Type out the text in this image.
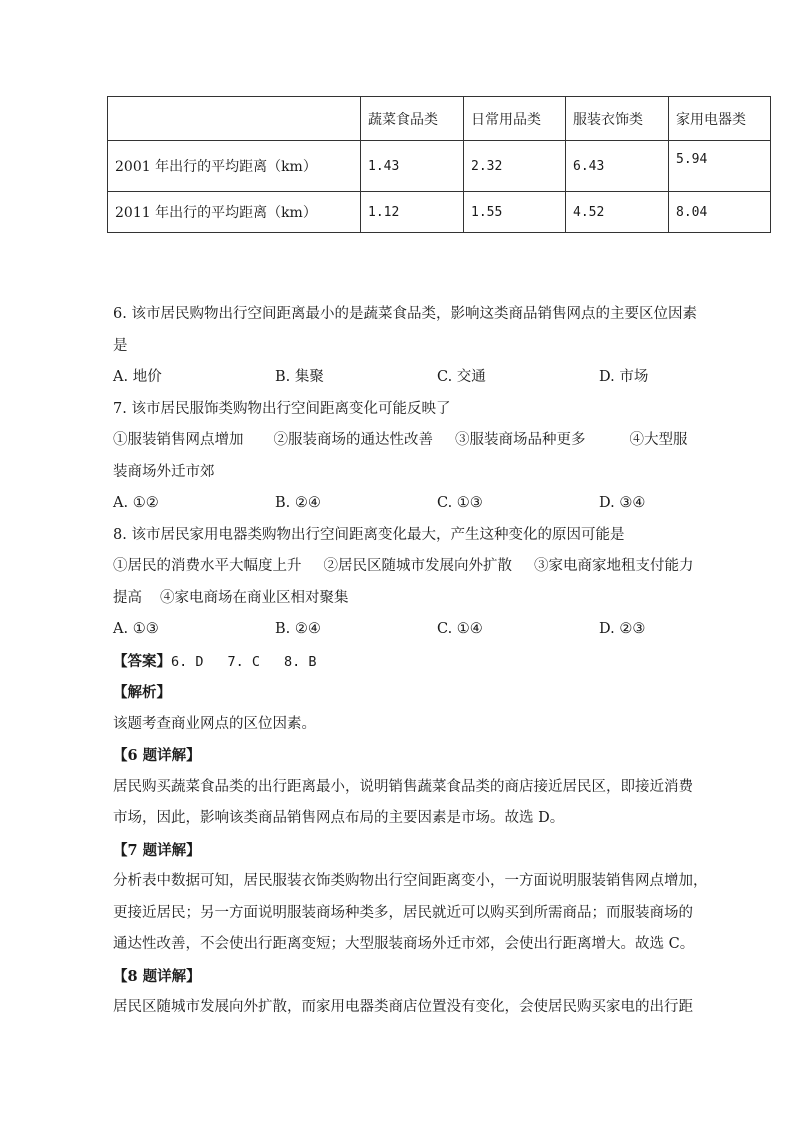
	蔬菜食品类	日常用品类	服装衣饰类	家用电器类
2001 年出行的平均距离（km）	1.43	2.32	6.43	5.94
2011 年出行的平均距离（km）	1.12	1.55	4.52	8.04
6. 该市居民购物出行空间距离最小的是蔬菜食品类，影响这类商品销售网点的主要区位因素
是
A. 地价	B. 集聚	C. 交通	D. 市场
7. 该市居民服饰类购物出行空间距离变化可能反映了
①服装销售网点增加 ②服装商场的通达性改善 ③服装商场品种更多	④大型服
装商场外迁市郊
A. ①②	B. ②④	C. ①③	D. ③④
8. 该市居民家用电器类购物出行空间距离变化最大，产生这种变化的原因可能是
①居民的消费水平大幅度上升 ②居民区随城市发展向外扩散 ③家电商家地租支付能力
提高 ④家电商场在商业区相对聚集
A. ①③	B. ②④	C. ①④	D. ②③
【答案】6. D 7. C 8. B
【解析】
该题考查商业网点的区位因素。
【6 题详解】
居民购买蔬菜食品类的出行距离最小，说明销售蔬菜食品类的商店接近居民区，即接近消费
市场，因此，影响该类商品销售网点布局的主要因素是市场。故选 D。
【7 题详解】
分析表中数据可知，居民服装衣饰类购物出行空间距离变小，一方面说明服装销售网点增加，
更接近居民；另一方面说明服装商场种类多，居民就近可以购买到所需商品；而服装商场的
通达性改善，不会使出行距离变短；大型服装商场外迁市郊，会使出行距离增大。故选 C。
【8 题详解】
居民区随城市发展向外扩散，而家用电器类商店位置没有变化，会使居民购买家电的出行距
